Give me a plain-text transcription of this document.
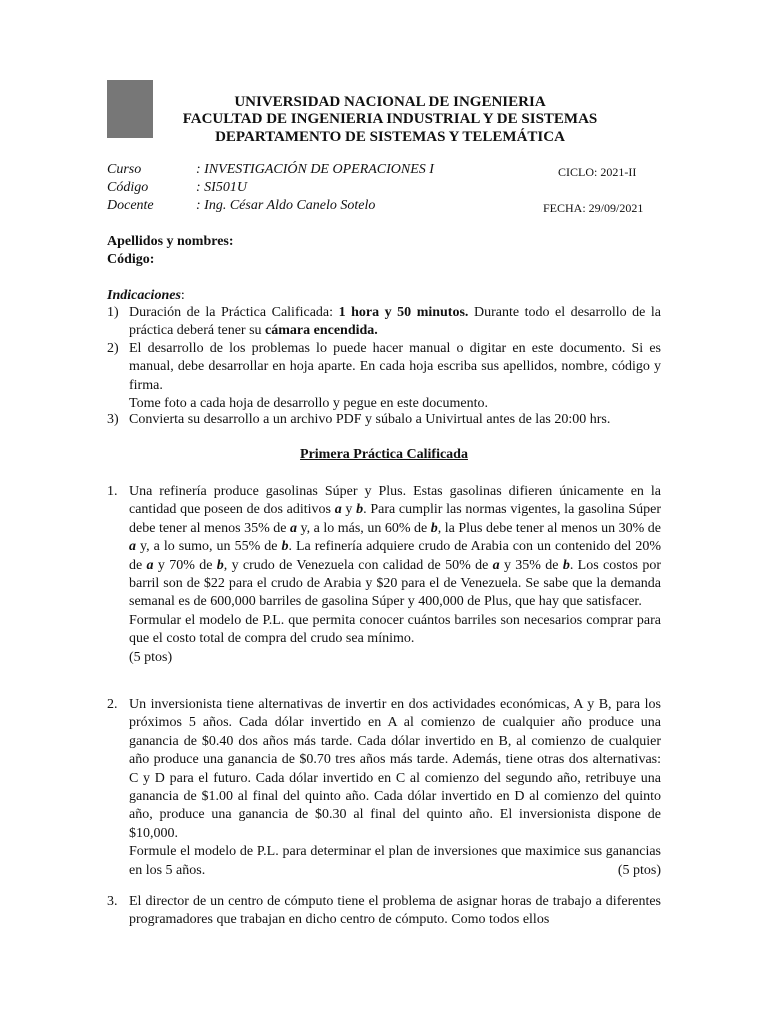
UNIVERSIDAD NACIONAL DE INGENIERIA
FACULTAD DE INGENIERIA INDUSTRIAL Y DE SISTEMAS
DEPARTAMENTO DE SISTEMAS Y TELEMÁTICA
Curso	: INVESTIGACIÓN DE OPERACIONES I	CICLO: 2021-II
Código	: SI501U
Docente	: Ing. César Aldo Canelo Sotelo	FECHA: 29/09/2021
Apellidos y nombres:
Código:
Indicaciones:
1) Duración de la Práctica Calificada: 1 hora y 50 minutos. Durante todo el desarrollo de la práctica deberá tener su cámara encendida.
2) El desarrollo de los problemas lo puede hacer manual o digitar en este documento. Si es manual, debe desarrollar en hoja aparte. En cada hoja escriba sus apellidos, nombre, código y firma.
Tome foto a cada hoja de desarrollo y pegue en este documento.
3) Convierta su desarrollo a un archivo PDF y súbalo a Univirtual antes de las 20:00 hrs.
Primera Práctica Calificada
1. Una refinería produce gasolinas Súper y Plus. Estas gasolinas difieren únicamente en la cantidad que poseen de dos aditivos a y b. Para cumplir las normas vigentes, la gasolina Súper debe tener al menos 35% de a y, a lo más, un 60% de b, la Plus debe tener al menos un 30% de a y, a lo sumo, un 55% de b. La refinería adquiere crudo de Arabia con un contenido del 20% de a y 70% de b, y crudo de Venezuela con calidad de 50% de a y 35% de b. Los costos por barril son de $22 para el crudo de Arabia y $20 para el de Venezuela. Se sabe que la demanda semanal es de 600,000 barriles de gasolina Súper y 400,000 de Plus, que hay que satisfacer.
Formular el modelo de P.L. que permita conocer cuántos barriles son necesarios comprar para que el costo total de compra del crudo sea mínimo.
(5 ptos)
2. Un inversionista tiene alternativas de invertir en dos actividades económicas, A y B, para los próximos 5 años. Cada dólar invertido en A al comienzo de cualquier año produce una ganancia de $0.40 dos años más tarde. Cada dólar invertido en B, al comienzo de cualquier año produce una ganancia de $0.70 tres años más tarde. Además, tiene otras dos alternativas: C y D para el futuro. Cada dólar invertido en C al comienzo del segundo año, retribuye una ganancia de $1.00 al final del quinto año. Cada dólar invertido en D al comienzo del quinto año, produce una ganancia de $0.30 al final del quinto año. El inversionista dispone de $10,000.
Formule el modelo de P.L. para determinar el plan de inversiones que maximice sus ganancias en los 5 años.	(5 ptos)
3. El director de un centro de cómputo tiene el problema de asignar horas de trabajo a diferentes programadores que trabajan en dicho centro de cómputo. Como todos ellos
